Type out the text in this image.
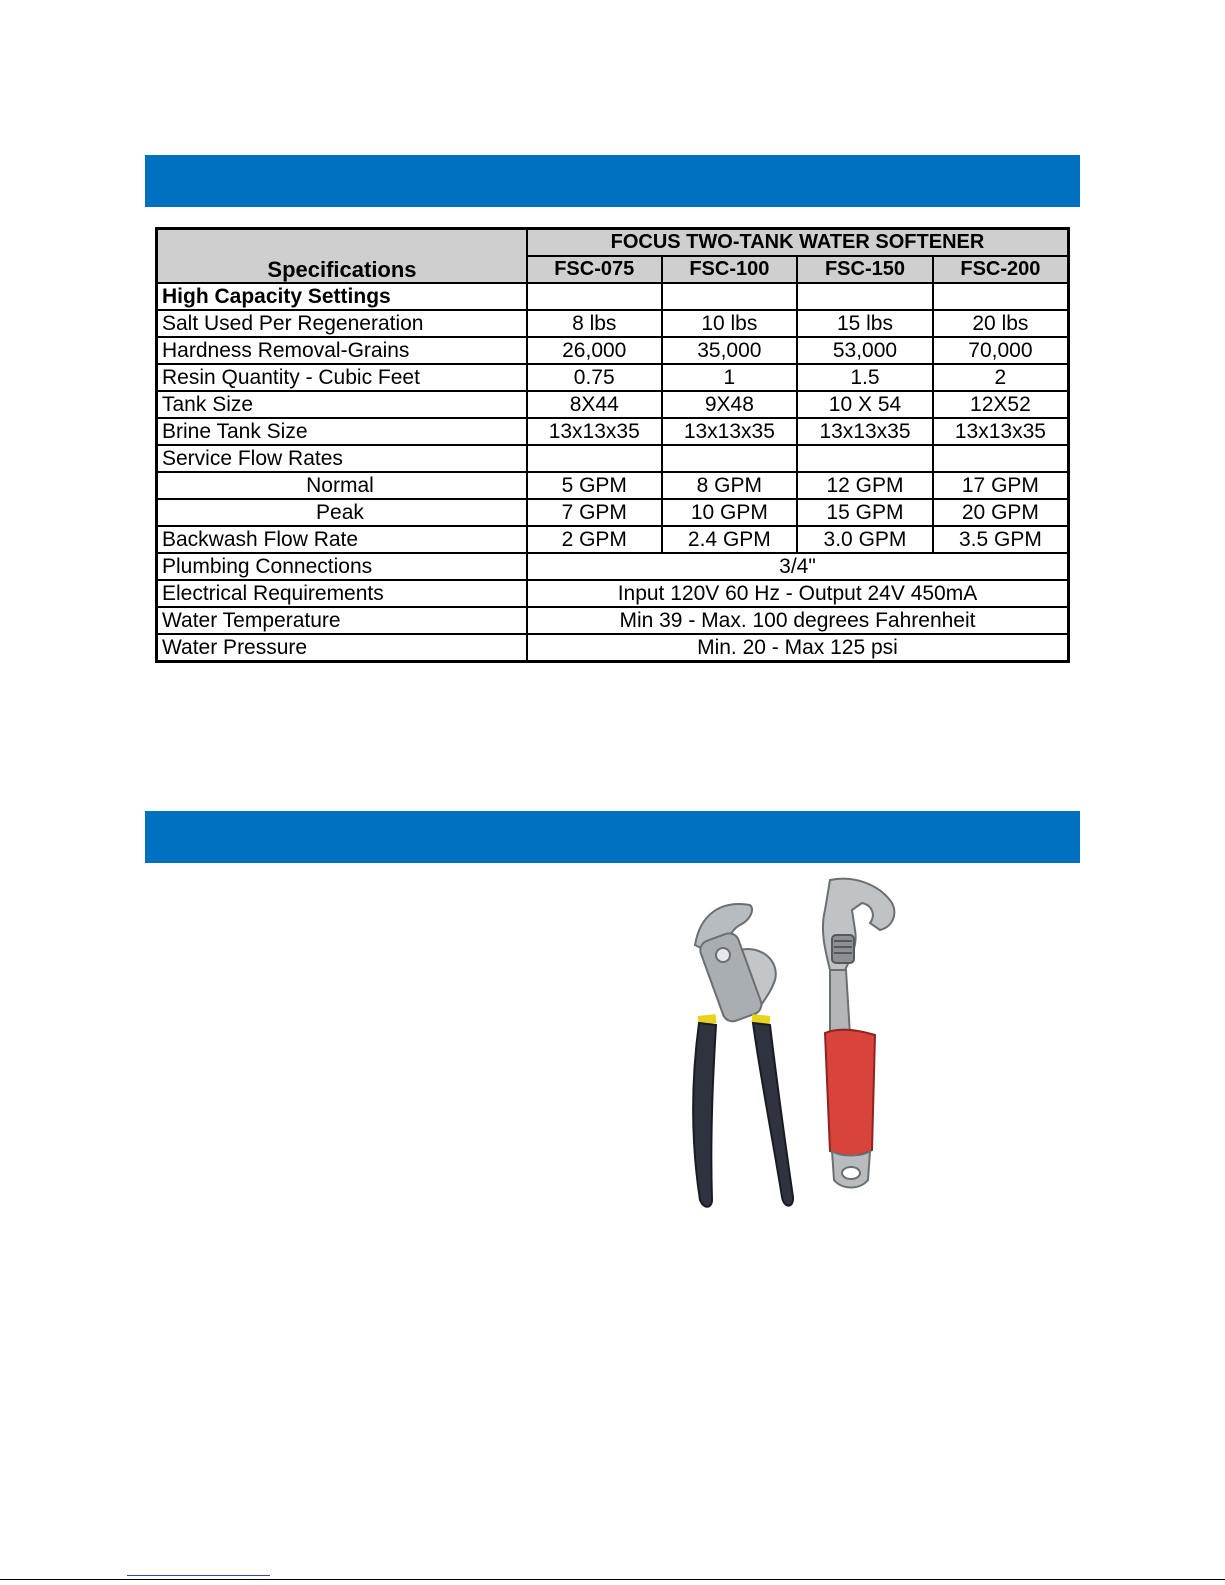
Specifications	FOCUS TWO-TANK WATER SOFTENER			
	FSC-075	FSC-100	FSC-150	FSC-200
High Capacity Settings				
Salt Used Per Regeneration	8 lbs	10 lbs	15 lbs	20 lbs
Hardness Removal-Grains	26,000	35,000	53,000	70,000
Resin Quantity - Cubic Feet	0.75	1	1.5	2
Tank Size	8X44	9X48	10 X 54	12X52
Brine Tank Size	13x13x35	13x13x35	13x13x35	13x13x35
Service Flow Rates				
Normal	5 GPM	8 GPM	12 GPM	17 GPM
Peak	7 GPM	10 GPM	15 GPM	20 GPM
Backwash Flow Rate	2 GPM	2.4 GPM	3.0 GPM	3.5 GPM
Plumbing Connections	3/4"			
Electrical Requirements	Input 120V 60 Hz - Output 24V 450mA			
Water Temperature	Min 39 - Max. 100 degrees Fahrenheit			
Water Pressure	Min. 20 - Max 125 psi			
